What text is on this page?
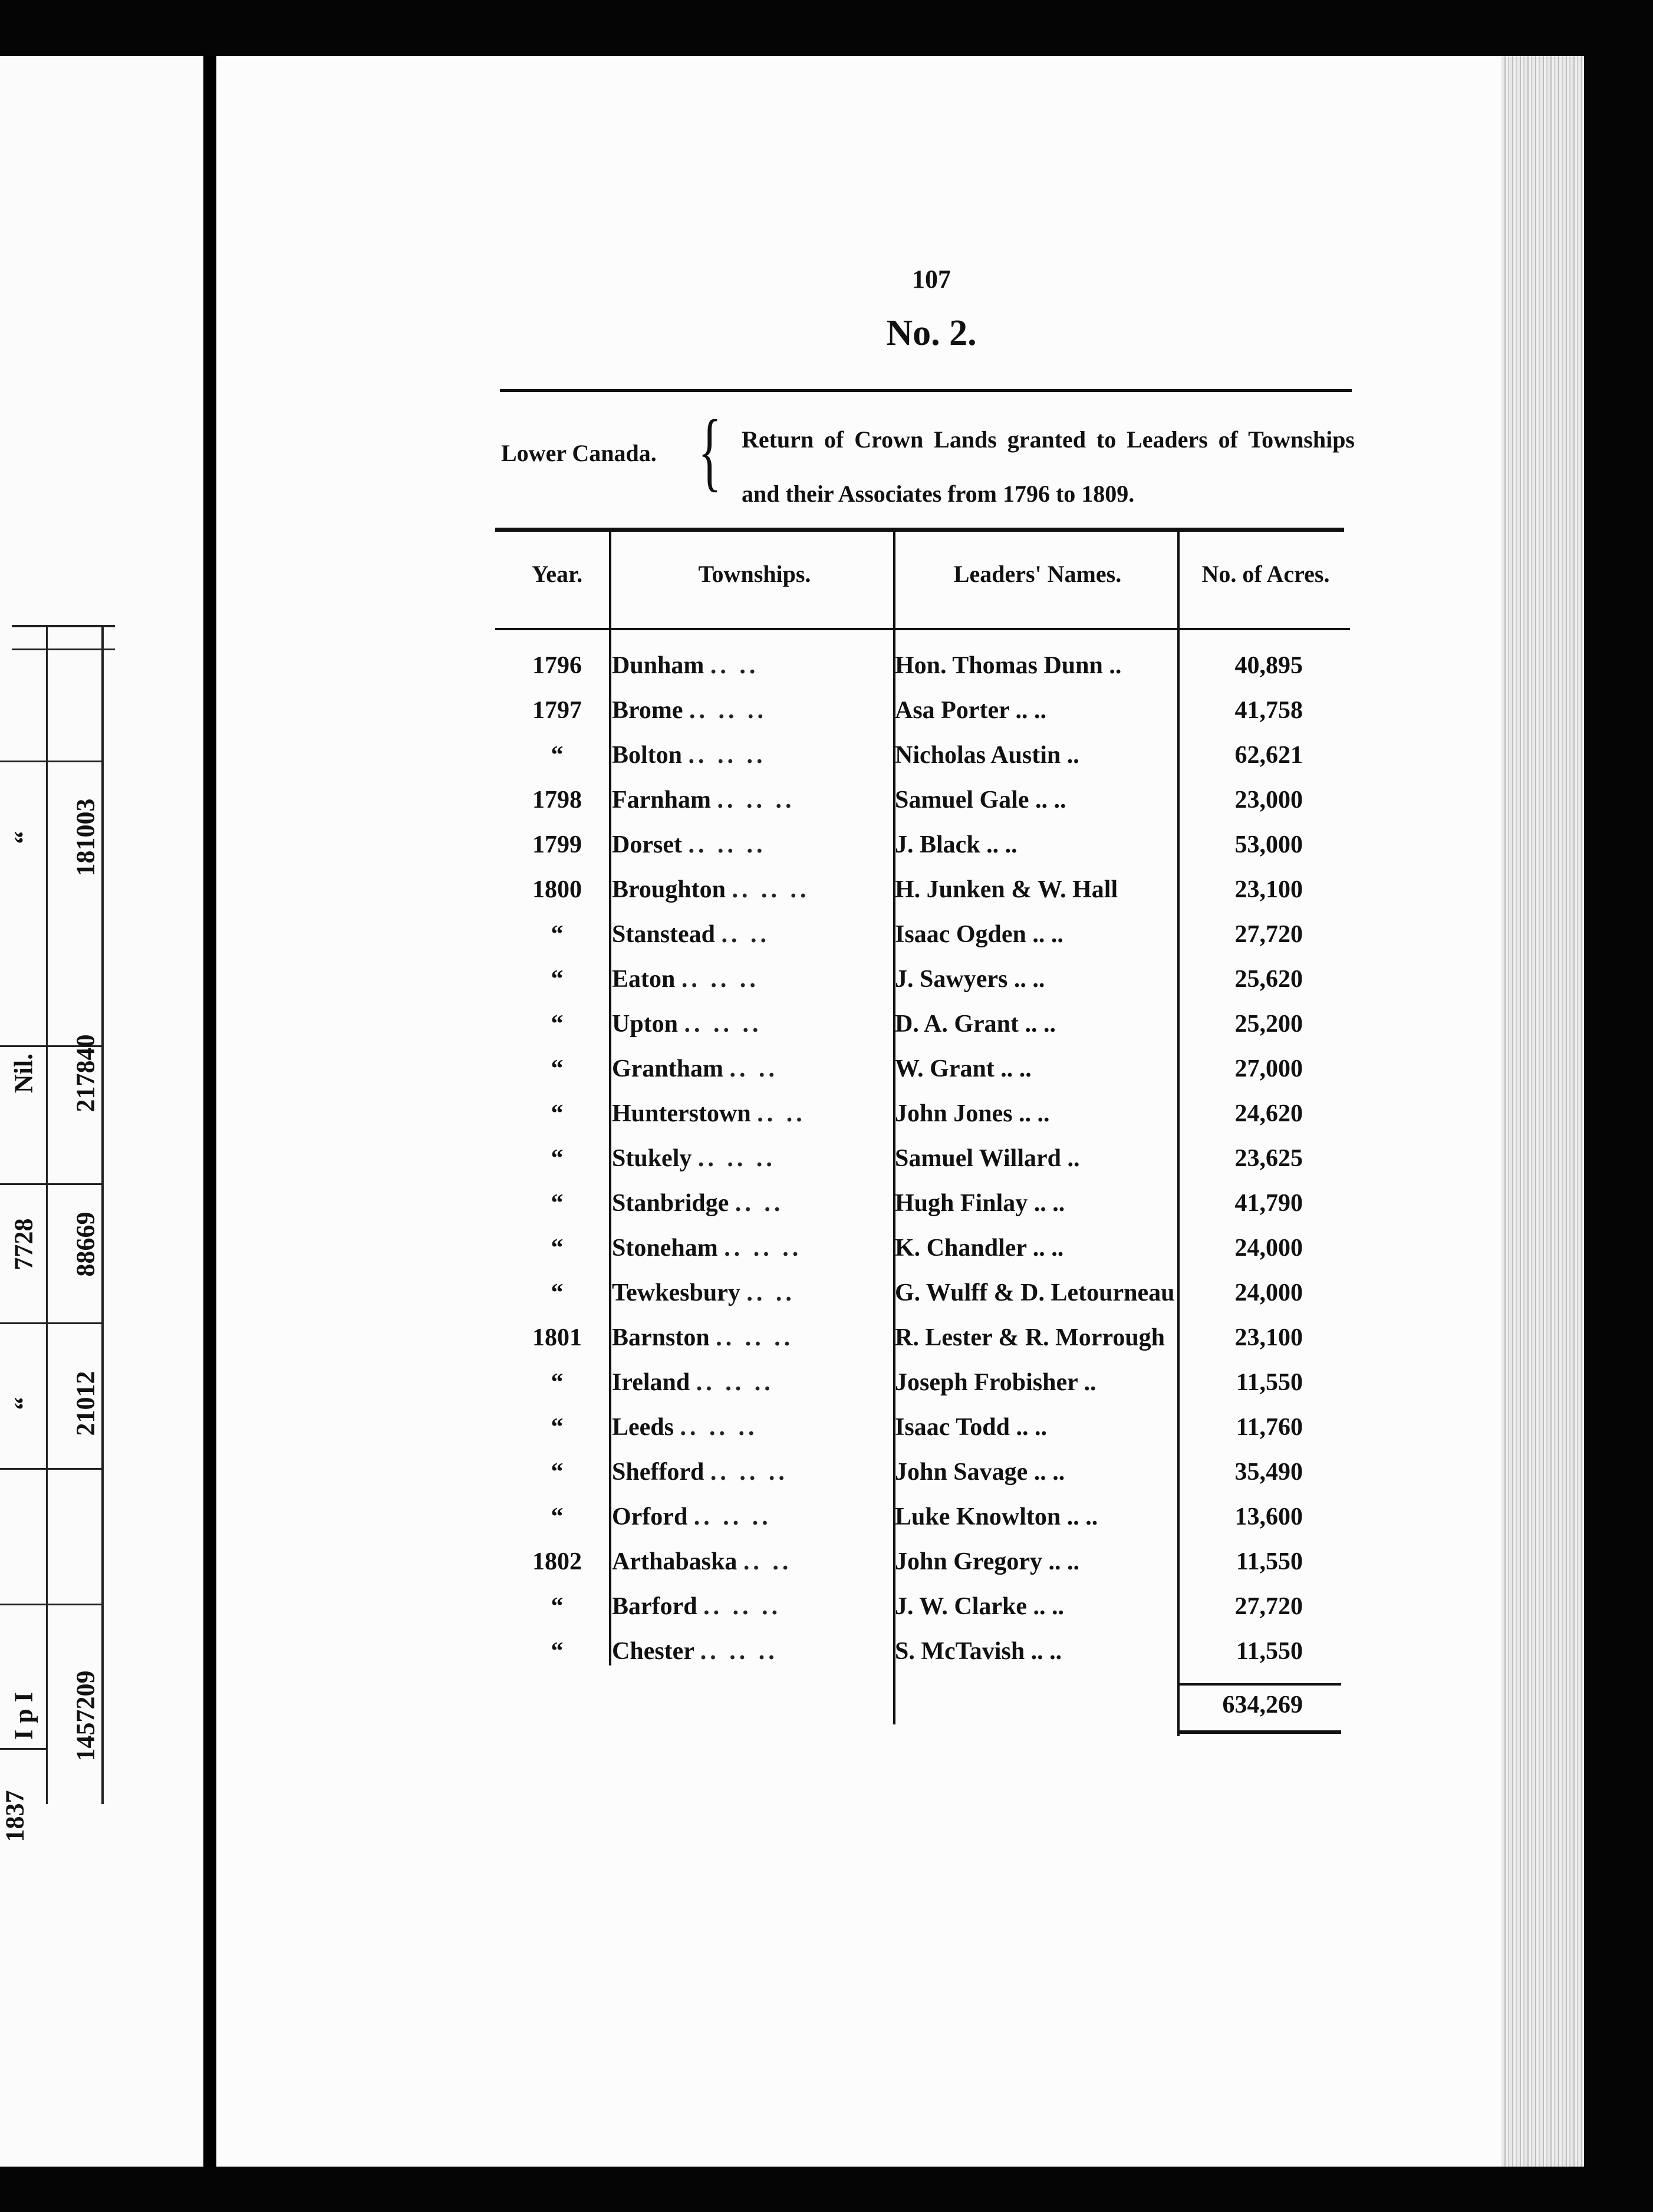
“ 181003
Nil. 217840
7728 88669
“ 21012
I p I 1457209
1837
107
No. 2.
Lower Canada. { Return of Crown Lands granted to Leaders of Townships and their Associates from 1796 to 1809.
Year.	Townships.	Leaders' Names.	No. of Acres.
1796	Dunham .. ..	Hon. Thomas Dunn ..	40,895
1797	Brome .. .. ..	Asa Porter .. ..	41,758
“	Bolton .. .. ..	Nicholas Austin ..	62,621
1798	Farnham .. .. ..	Samuel Gale .. ..	23,000
1799	Dorset .. .. ..	J. Black .. ..	53,000
1800	Broughton .. .. ..	H. Junken & W. Hall	23,100
“	Stanstead .. ..	Isaac Ogden .. ..	27,720
“	Eaton .. .. ..	J. Sawyers .. ..	25,620
“	Upton .. .. ..	D. A. Grant .. ..	25,200
“	Grantham .. ..	W. Grant .. ..	27,000
“	Hunterstown .. ..	John Jones .. ..	24,620
“	Stukely .. .. ..	Samuel Willard ..	23,625
“	Stanbridge .. ..	Hugh Finlay .. ..	41,790
“	Stoneham .. .. ..	K. Chandler .. ..	24,000
“	Tewkesbury .. ..	G. Wulff & D. Letourneau	24,000
1801	Barnston .. .. ..	R. Lester & R. Morrough	23,100
“	Ireland .. .. ..	Joseph Frobisher ..	11,550
“	Leeds .. .. ..	Isaac Todd .. ..	11,760
“	Shefford .. .. ..	John Savage .. ..	35,490
“	Orford .. .. ..	Luke Knowlton .. ..	13,600
1802	Arthabaska .. ..	John Gregory .. ..	11,550
“	Barford .. .. ..	J. W. Clarke .. ..	27,720
“	Chester .. .. ..	S. McTavish .. ..	11,550
634,269
